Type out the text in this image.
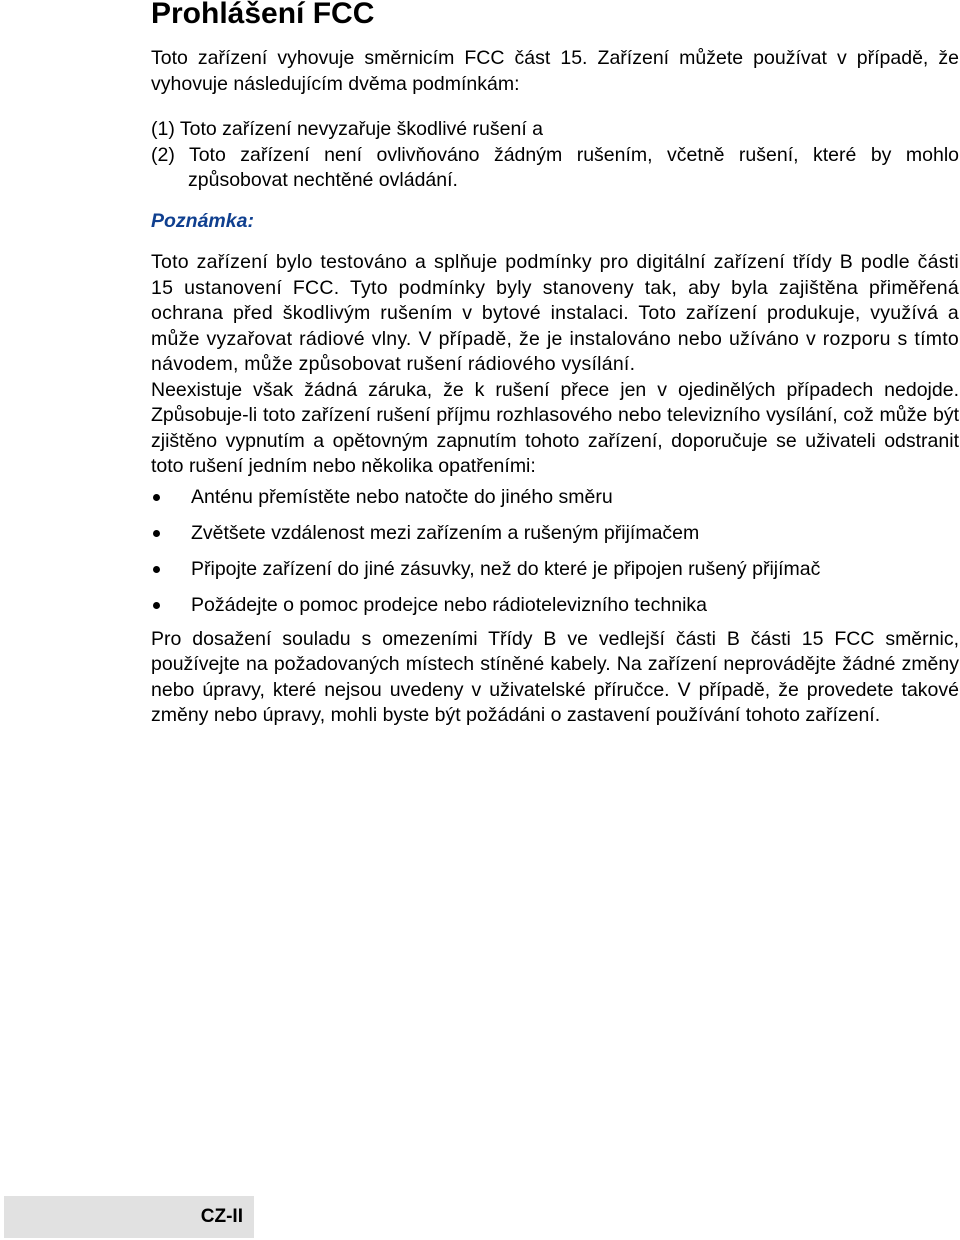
Prohlášení FCC

Toto zařízení vyhovuje směrnicím FCC část 15. Zařízení můžete používat v případě, že vyhovuje následujícím dvěma podmínkám:

(1) Toto zařízení nevyzařuje škodlivé rušení a
(2) Toto zařízení není ovlivňováno žádným rušením, včetně rušení, které by mohlo způsobovat nechtěné ovládání.

Poznámka:

Toto zařízení bylo testováno a splňuje podmínky pro digitální zařízení třídy B podle části 15 ustanovení FCC. Tyto podmínky byly stanoveny tak, aby byla zajištěna přiměřená ochrana před škodlivým rušením v bytové instalaci. Toto zařízení produkuje, využívá a může vyzařovat rádiové vlny. V případě, že je instalováno nebo užíváno v rozporu s tímto návodem, může způsobovat rušení rádiového vysílání.

Neexistuje však žádná záruka, že k rušení přece jen v ojedinělých případech nedojde. Způsobuje-li toto zařízení rušení příjmu rozhlasového nebo televizního vysílání, což může být zjištěno vypnutím a opětovným zapnutím tohoto zařízení, doporučuje se uživateli odstranit toto rušení jedním nebo několika opatřeními:

Anténu přemístěte nebo natočte do jiného směru
Zvětšete vzdálenost mezi zařízením a rušeným přijímačem
Připojte zařízení do jiné zásuvky, než do které je připojen rušený přijímač
Požádejte o pomoc prodejce nebo rádiotelevizního technika

Pro dosažení souladu s omezeními Třídy B ve vedlejší části B části 15 FCC směrnic, používejte na požadovaných místech stíněné kabely. Na zařízení neprovádějte žádné změny nebo úpravy, které nejsou uvedeny v uživatelské příručce. V případě, že provedete takové změny nebo úpravy, mohli byste být požádáni o zastavení používání tohoto zařízení.

CZ-II
